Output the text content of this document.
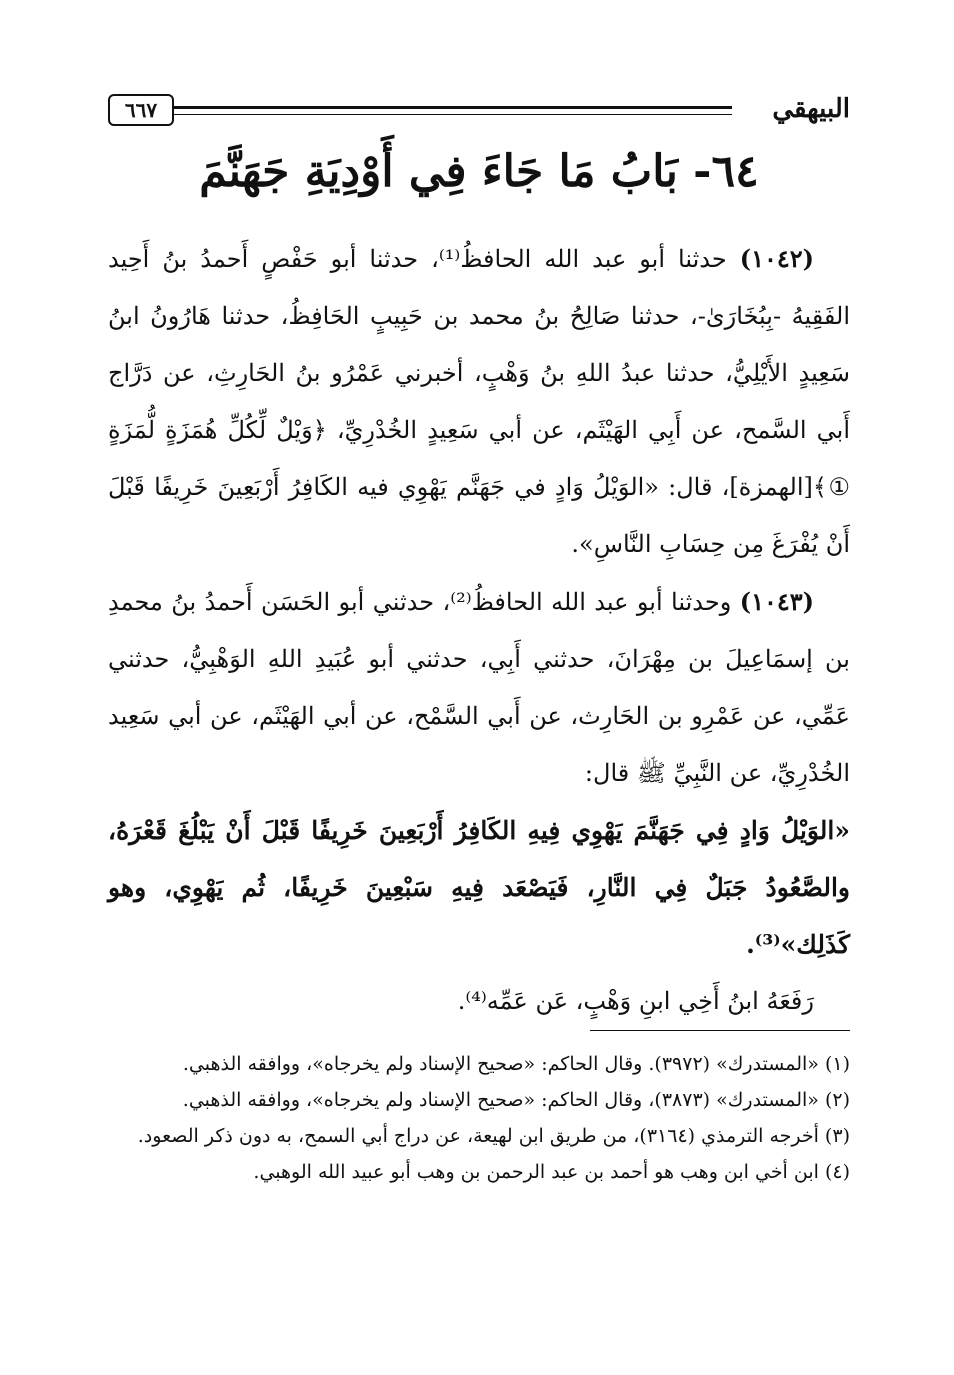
البيهقي
٦٦٧
٦٤- بَابُ مَا جَاءَ فِي أَوْدِيَةِ جَهَنَّمَ

(١٠٤٢) حدثنا أبو عبد الله الحافظُ⁽¹⁾، حدثنا أبو حَفْصٍ أَحمدُ بنُ أَحِيد الفَقِيهُ -بِبُخَارَىٰ-، حدثنا صَالِحُ بنُ محمد بن حَبِيبٍ الحَافِظُ، حدثنا هَارُونُ ابنُ سَعِيدٍ الأَيْلِيُّ، حدثنا عبدُ اللهِ بنُ وَهْبٍ، أخبرني عَمْرُو بنُ الحَارِثِ، عن دَرَّاج أَبي السَّمح، عن أَبِي الهَيْثَم، عن أبي سَعِيدٍ الخُدْرِيِّ، ﴿وَيْلٌ لِّكُلِّ هُمَزَةٍ لُّمَزَةٍ ①﴾[الهمزة]، قال: «الوَيْلُ وَادٍ في جَهَنَّم يَهْوِي فيه الكَافِرُ أَرْبَعِينَ خَرِيفًا قَبْلَ أَنْ يُفْرَغَ مِن حِسَابِ النَّاسِ».

(١٠٤٣) وحدثنا أبو عبد الله الحافظُ⁽²⁾، حدثني أبو الحَسَن أَحمدُ بنُ محمدِ بن إسمَاعِيلَ بن مِهْرَانَ، حدثني أَبِي، حدثني أبو عُبَيدِ اللهِ الوَهْبِيُّ، حدثني عَمِّي، عن عَمْرِو بن الحَارِث، عن أَبي السَّمْح، عن أبي الهَيْثَم، عن أبي سَعِيد الخُدْرِيِّ، عن النَّبِيِّ ﷺ قال:

«الوَيْلُ وَادٍ فِي جَهَنَّمَ يَهْوِي فِيهِ الكَافِرُ أَرْبَعِينَ خَرِيفًا قَبْلَ أَنْ يَبْلُغَ قَعْرَهُ، والصَّعُودُ جَبَلٌ فِي النَّارِ، فَيَصْعَد فِيهِ سَبْعِينَ خَرِيفًا، ثُم يَهْوِي، وهو كَذَلِك»⁽³⁾.

رَفَعَهُ ابنُ أَخِي ابنِ وَهْبٍ، عَن عَمِّه⁽⁴⁾.

(١) «المستدرك» (٣٩٧٢). وقال الحاكم: «صحيح الإسناد ولم يخرجاه»، ووافقه الذهبي.

(٢) «المستدرك» (٣٨٧٣)، وقال الحاكم: «صحيح الإسناد ولم يخرجاه»، ووافقه الذهبي.

(٣) أخرجه الترمذي (٣١٦٤)، من طريق ابن لهيعة، عن دراج أبي السمح، به دون ذكر الصعود.

(٤) ابن أخي ابن وهب هو أحمد بن عبد الرحمن بن وهب أبو عبيد الله الوهبي.
